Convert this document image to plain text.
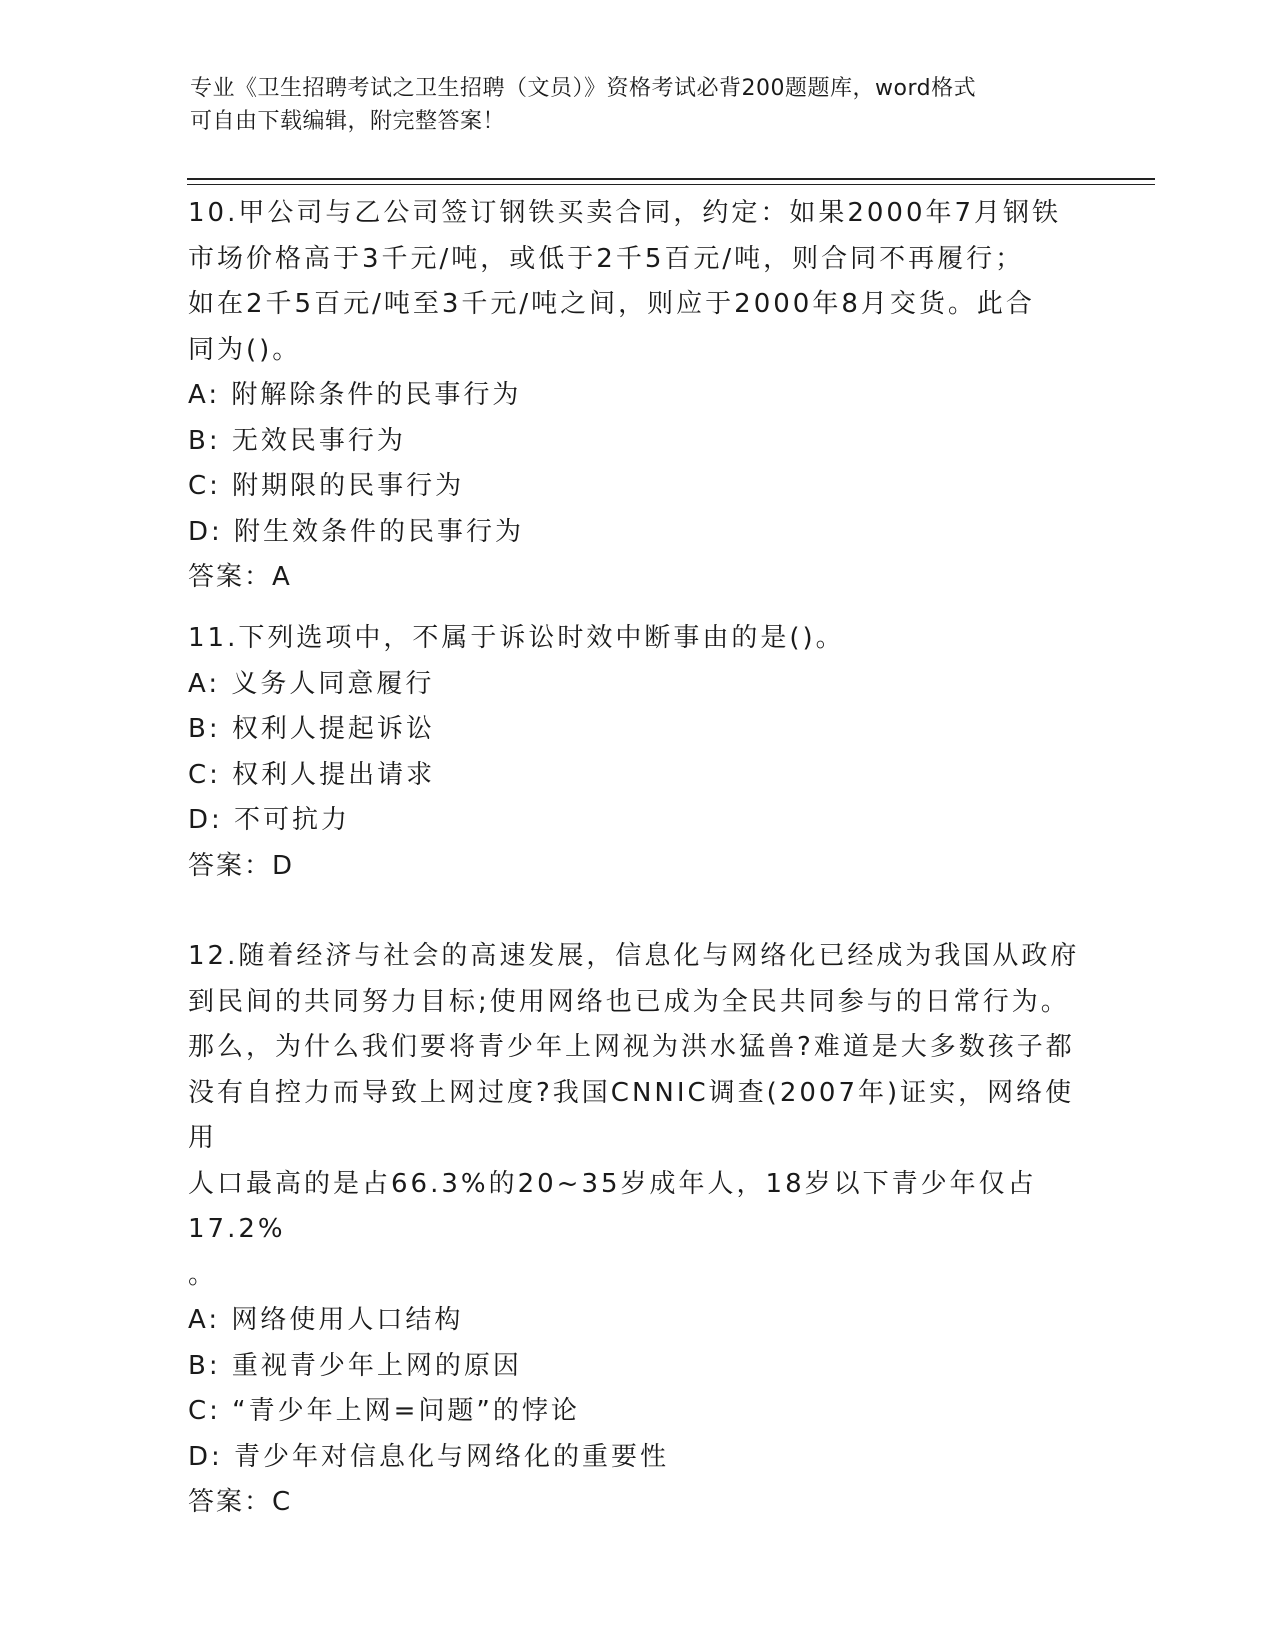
专业《卫生招聘考试之卫生招聘（文员）》资格考试必背200题题库，word格式
可自由下载编辑，附完整答案！

10.甲公司与乙公司签订钢铁买卖合同，约定：如果2000年7月钢铁

市场价格高于3千元/吨，或低于2千5百元/吨，则合同不再履行；

如在2千5百元/吨至3千元/吨之间，则应于2000年8月交货。此合

同为()。

A: 附解除条件的民事行为

B: 无效民事行为

C: 附期限的民事行为

D: 附生效条件的民事行为

答案：A

11.下列选项中，不属于诉讼时效中断事由的是()。

A: 义务人同意履行

B: 权利人提起诉讼

C: 权利人提出请求

D: 不可抗力

答案：D

12.随着经济与社会的高速发展，信息化与网络化已经成为我国从政府

到民间的共同努力目标;使用网络也已成为全民共同参与的日常行为。

那么，为什么我们要将青少年上网视为洪水猛兽?难道是大多数孩子都

没有自控力而导致上网过度?我国CNNIC调查(2007年)证实，网络使用

人口最高的是占66.3%的20~35岁成年人，18岁以下青少年仅占17.2%

。

A: 网络使用人口结构

B: 重视青少年上网的原因

C: “青少年上网=问题”的悖论

D: 青少年对信息化与网络化的重要性

答案：C
